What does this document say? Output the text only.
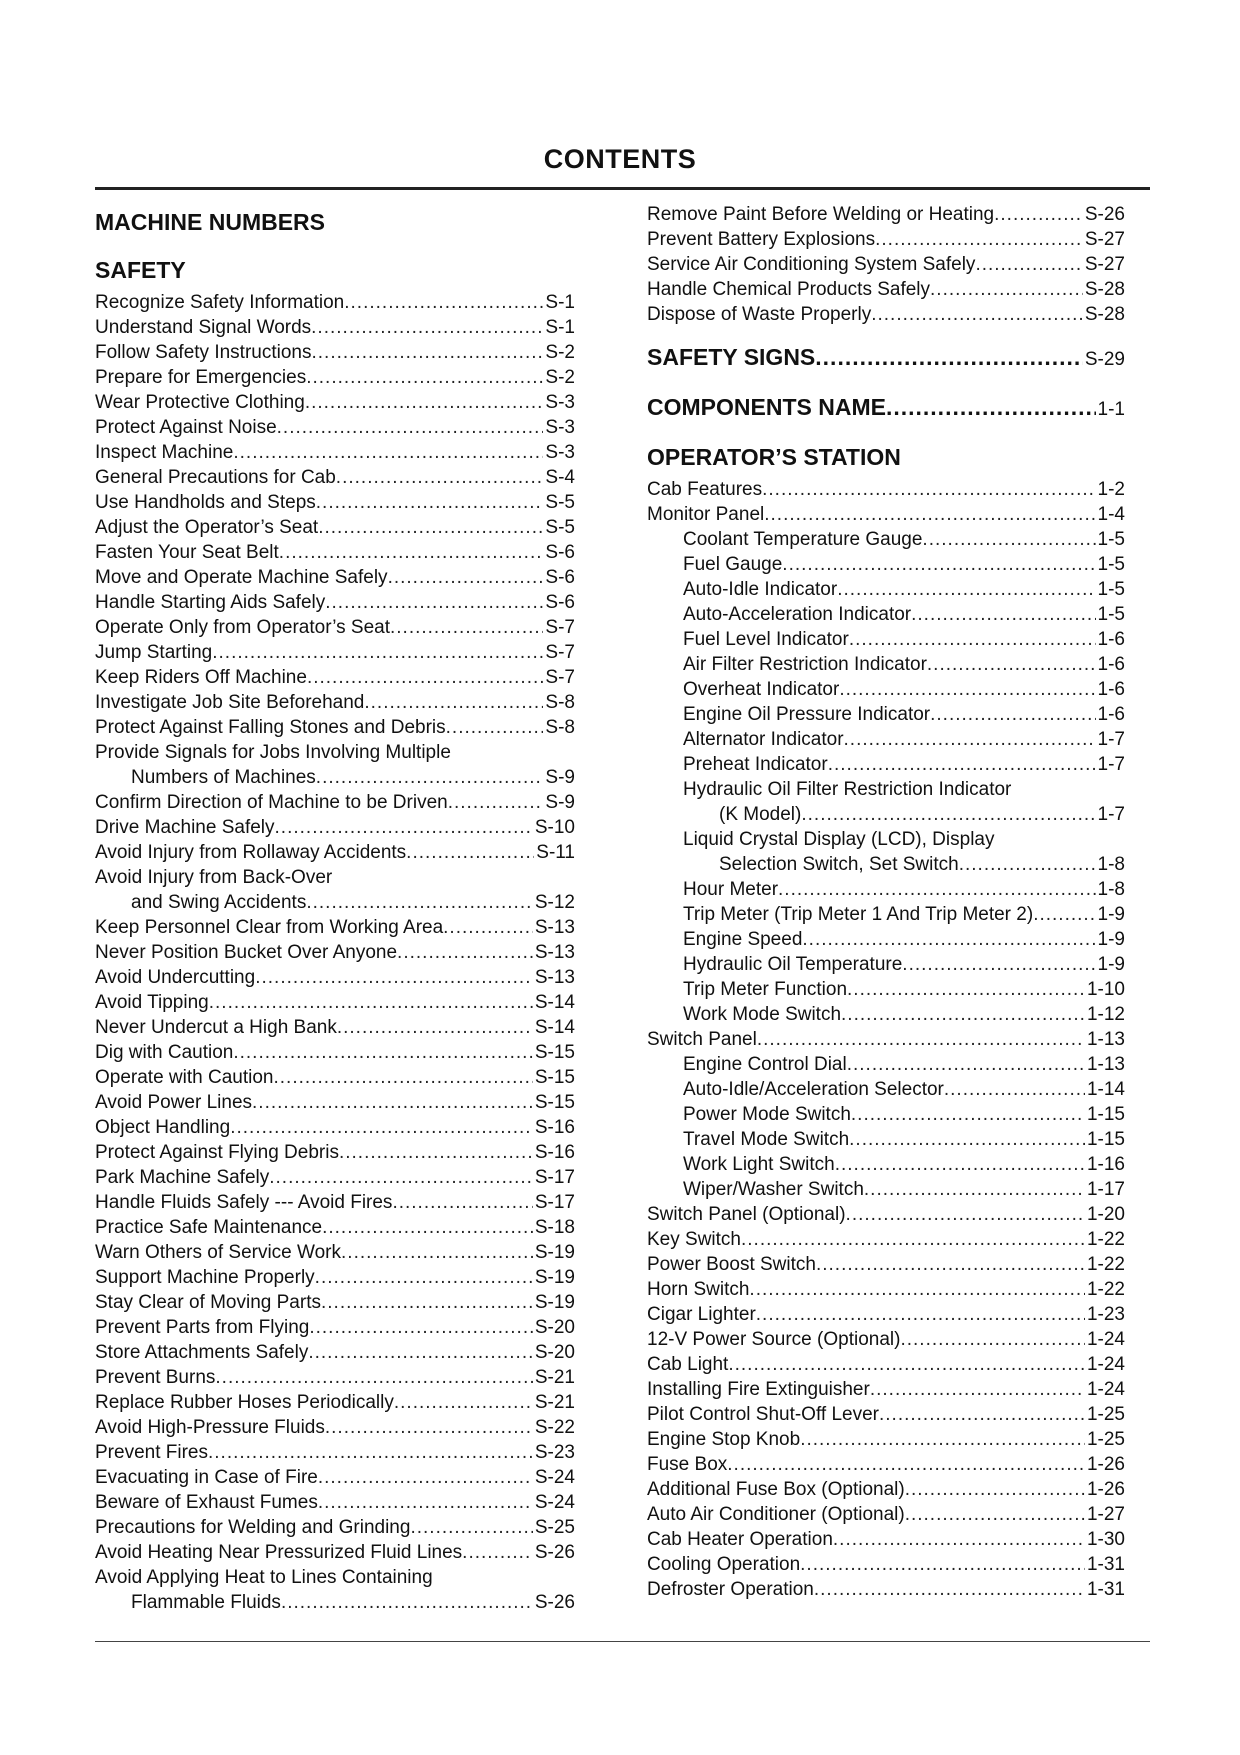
CONTENTS
MACHINE NUMBERS
SAFETY
Recognize Safety Information .....	S-1
Understand Signal Words .....	S-1
Follow Safety Instructions .....	S-2
Prepare for Emergencies .....	S-2
Wear Protective Clothing .....	S-3
Protect Against Noise .....	S-3
Inspect Machine .....	S-3
General Precautions for Cab .....	S-4
Use Handholds and Steps .....	S-5
Adjust the Operator’s Seat .....	S-5
Fasten Your Seat Belt .....	S-6
Move and Operate Machine Safely .....	S-6
Handle Starting Aids Safely .....	S-6
Operate Only from Operator’s Seat .....	S-7
Jump Starting .....	S-7
Keep Riders Off Machine .....	S-7
Investigate Job Site Beforehand .....	S-8
Protect Against Falling Stones and Debris .....	S-8
Provide Signals for Jobs Involving Multiple
Numbers of Machines .....	S-9
Confirm Direction of Machine to be Driven .....	S-9
Drive Machine Safely .....	S-10
Avoid Injury from Rollaway Accidents .....	S-11
Avoid Injury from Back-Over
and Swing Accidents .....	S-12
Keep Personnel Clear from Working Area .....	S-13
Never Position Bucket Over Anyone .....	S-13
Avoid Undercutting .....	S-13
Avoid Tipping .....	S-14
Never Undercut a High Bank .....	S-14
Dig with Caution .....	S-15
Operate with Caution .....	S-15
Avoid Power Lines .....	S-15
Object Handling .....	S-16
Protect Against Flying Debris .....	S-16
Park Machine Safely .....	S-17
Handle Fluids Safely --- Avoid Fires .....	S-17
Practice Safe Maintenance .....	S-18
Warn Others of Service Work .....	S-19
Support Machine Properly .....	S-19
Stay Clear of Moving Parts .....	S-19
Prevent Parts from Flying .....	S-20
Store Attachments Safely .....	S-20
Prevent Burns .....	S-21
Replace Rubber Hoses Periodically .....	S-21
Avoid High-Pressure Fluids .....	S-22
Prevent Fires .....	S-23
Evacuating in Case of Fire .....	S-24
Beware of Exhaust Fumes .....	S-24
Precautions for Welding and Grinding .....	S-25
Avoid Heating Near Pressurized Fluid Lines .....	S-26
Avoid Applying Heat to Lines Containing
Flammable Fluids .....	S-26
Remove Paint Before Welding or Heating .....	S-26
Prevent Battery Explosions .....	S-27
Service Air Conditioning System Safely .....	S-27
Handle Chemical Products Safely .....	S-28
Dispose of Waste Properly .....	S-28
SAFETY SIGNS .....	S-29
COMPONENTS NAME .....	1-1
OPERATOR’S STATION
Cab Features .....	1-2
Monitor Panel .....	1-4
Coolant Temperature Gauge .....	1-5
Fuel Gauge .....	1-5
Auto-Idle Indicator .....	1-5
Auto-Acceleration Indicator .....	1-5
Fuel Level Indicator .....	1-6
Air Filter Restriction Indicator .....	1-6
Overheat Indicator .....	1-6
Engine Oil Pressure Indicator .....	1-6
Alternator Indicator .....	1-7
Preheat Indicator .....	1-7
Hydraulic Oil Filter Restriction Indicator
(K Model) .....	1-7
Liquid Crystal Display (LCD), Display
Selection Switch, Set Switch .....	1-8
Hour Meter .....	1-8
Trip Meter (Trip Meter 1 And Trip Meter 2) .....	1-9
Engine Speed .....	1-9
Hydraulic Oil Temperature .....	1-9
Trip Meter Function .....	1-10
Work Mode Switch .....	1-12
Switch Panel .....	1-13
Engine Control Dial .....	1-13
Auto-Idle/Acceleration Selector .....	1-14
Power Mode Switch .....	1-15
Travel Mode Switch .....	1-15
Work Light Switch .....	1-16
Wiper/Washer Switch .....	1-17
Switch Panel (Optional) .....	1-20
Key Switch .....	1-22
Power Boost Switch .....	1-22
Horn Switch .....	1-22
Cigar Lighter .....	1-23
12-V Power Source (Optional) .....	1-24
Cab Light .....	1-24
Installing Fire Extinguisher .....	1-24
Pilot Control Shut-Off Lever .....	1-25
Engine Stop Knob .....	1-25
Fuse Box .....	1-26
Additional Fuse Box (Optional) .....	1-26
Auto Air Conditioner (Optional) .....	1-27
Cab Heater Operation .....	1-30
Cooling Operation .....	1-31
Defroster Operation .....	1-31
